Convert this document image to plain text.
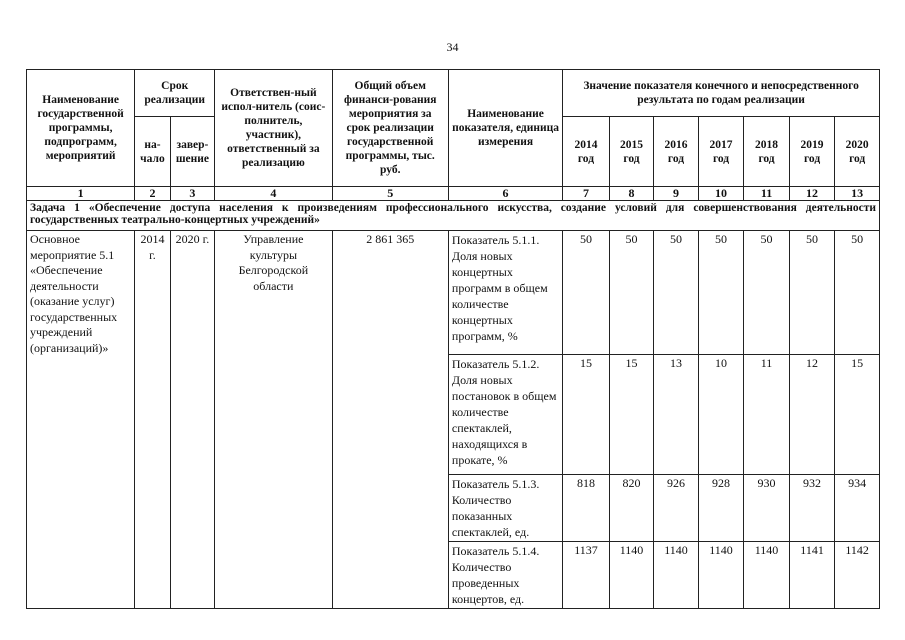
34
Наименование государственной программы, подпрограмм, мероприятий	Срок реализации		Ответствен-ный испол-нитель (соис-полнитель, участник), ответственный за реализацию	Общий объем финанси-рования мероприятия за срок реализации государственной программы, тыс. руб.	Наименование показателя, единица измерения	Значение показателя конечного и непосредственного результата по годам реализации						
	на-чало	завер-шение				2014 год	2015 год	2016 год	2017 год	2018 год	2019 год	2020 год
1	2	3	4	5	6	7	8	9	10	11	12	13
Задача 1 «Обеспечение доступа населения к произведениям профессионального искусства, создание условий для совершенствования деятельности государственных театрально-концертных учреждений»												
Основное мероприятие 5.1 «Обеспечение деятельности (оказание услуг) государственных учреждений (организаций)»	2014 г.	2020 г.	Управление культуры Белгородской области	2 861 365	Показатель 5.1.1. Доля новых концертных программ в общем количестве концертных программ, %	50	50	50	50	50	50	50
					Показатель 5.1.2. Доля новых постановок в общем количестве спектаклей, находящихся в прокате, %	15	15	13	10	11	12	15
					Показатель 5.1.3. Количество показанных спектаклей, ед.	818	820	926	928	930	932	934
					Показатель 5.1.4. Количество проведенных концертов, ед.	1137	1140	1140	1140	1140	1141	1142
